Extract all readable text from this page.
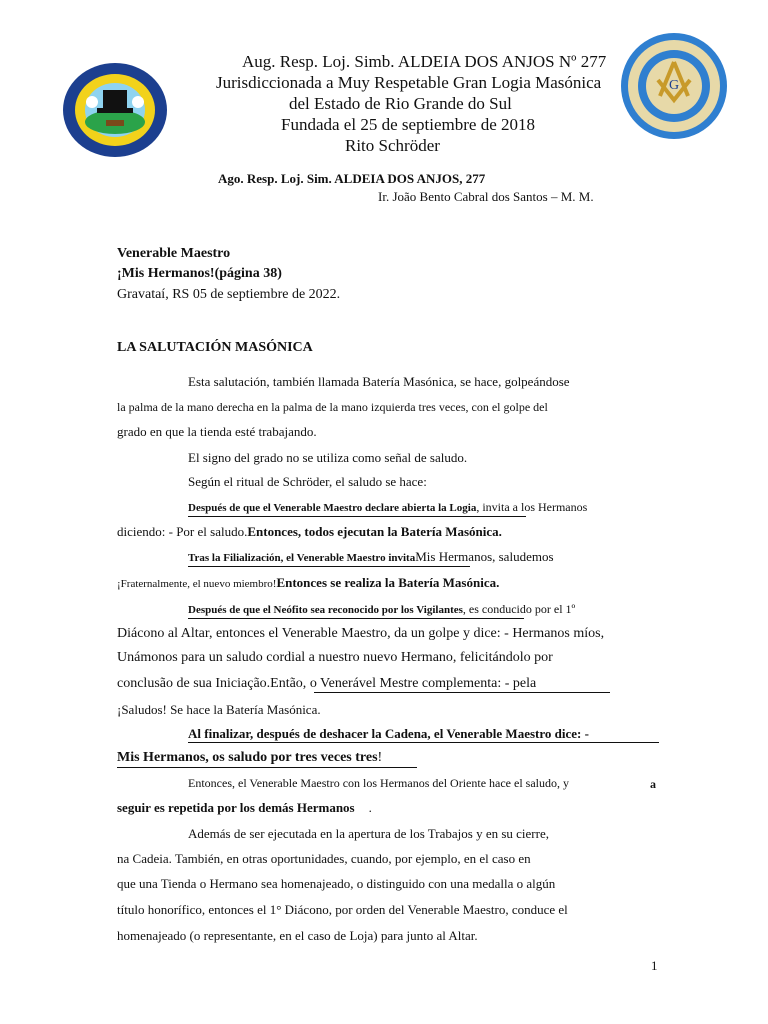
G
Aug. Resp. Loj. Simb. ALDEIA DOS ANJOS Nº 277
Jurisdiccionada a Muy Respetable Gran Logia Masónica
del Estado de Rio Grande do Sul
Fundada el 25 de septiembre de 2018
Rito Schröder
Ago. Resp. Loj. Sim. ALDEIA DOS ANJOS, 277
Ir. João Bento Cabral dos Santos – M. M.
Venerable Maestro
¡Mis Hermanos!(página 38)
Gravataí, RS 05 de septiembre de 2022.
LA SALUTACIÓN MASÓNICA
Esta salutación, también llamada Batería Masónica, se hace, golpeándose
la palma de la mano derecha en la palma de la mano izquierda tres veces, con el golpe del
grado en que la tienda esté trabajando.
El signo del grado no se utiliza como señal de saludo.
Según el ritual de Schröder, el saludo se hace:
Después de que el Venerable Maestro declare abierta la Logia, invita a los Hermanos
diciendo: - Por el saludo.Entonces, todos ejecutan la Batería Masónica.
Tras la Filialización, el Venerable Maestro invitaMis Hermanos, saludemos
¡Fraternalmente, el nuevo miembro!Entonces se realiza la Batería Masónica.
Después de que el Neófito sea reconocido por los Vigilantes, es conducido por el 1º
Diácono al Altar, entonces el Venerable Maestro, da un golpe y dice: - Hermanos míos,
Unámonos para un saludo cordial a nuestro nuevo Hermano, felicitándolo por
conclusão de sua Iniciação.Então, o Venerável Mestre complementa: - pela
¡Saludos! Se hace la Batería Masónica.
Al finalizar, después de deshacer la Cadena, el Venerable Maestro dice: -
Mis Hermanos, os saludo por tres veces tres!
Entonces, el Venerable Maestro con los Hermanos del Oriente hace el saludo, y	a
seguir es repetida por los demás Hermanos .
Además de ser ejecutada en la apertura de los Trabajos y en su cierre,
na Cadeia. También, en otras oportunidades, cuando, por ejemplo, en el caso en
que una Tienda o Hermano sea homenajeado, o distinguido con una medalla o algún
título honorífico, entonces el 1° Diácono, por orden del Venerable Maestro, conduce el
homenajeado (o representante, en el caso de Loja) para junto al Altar.
1
